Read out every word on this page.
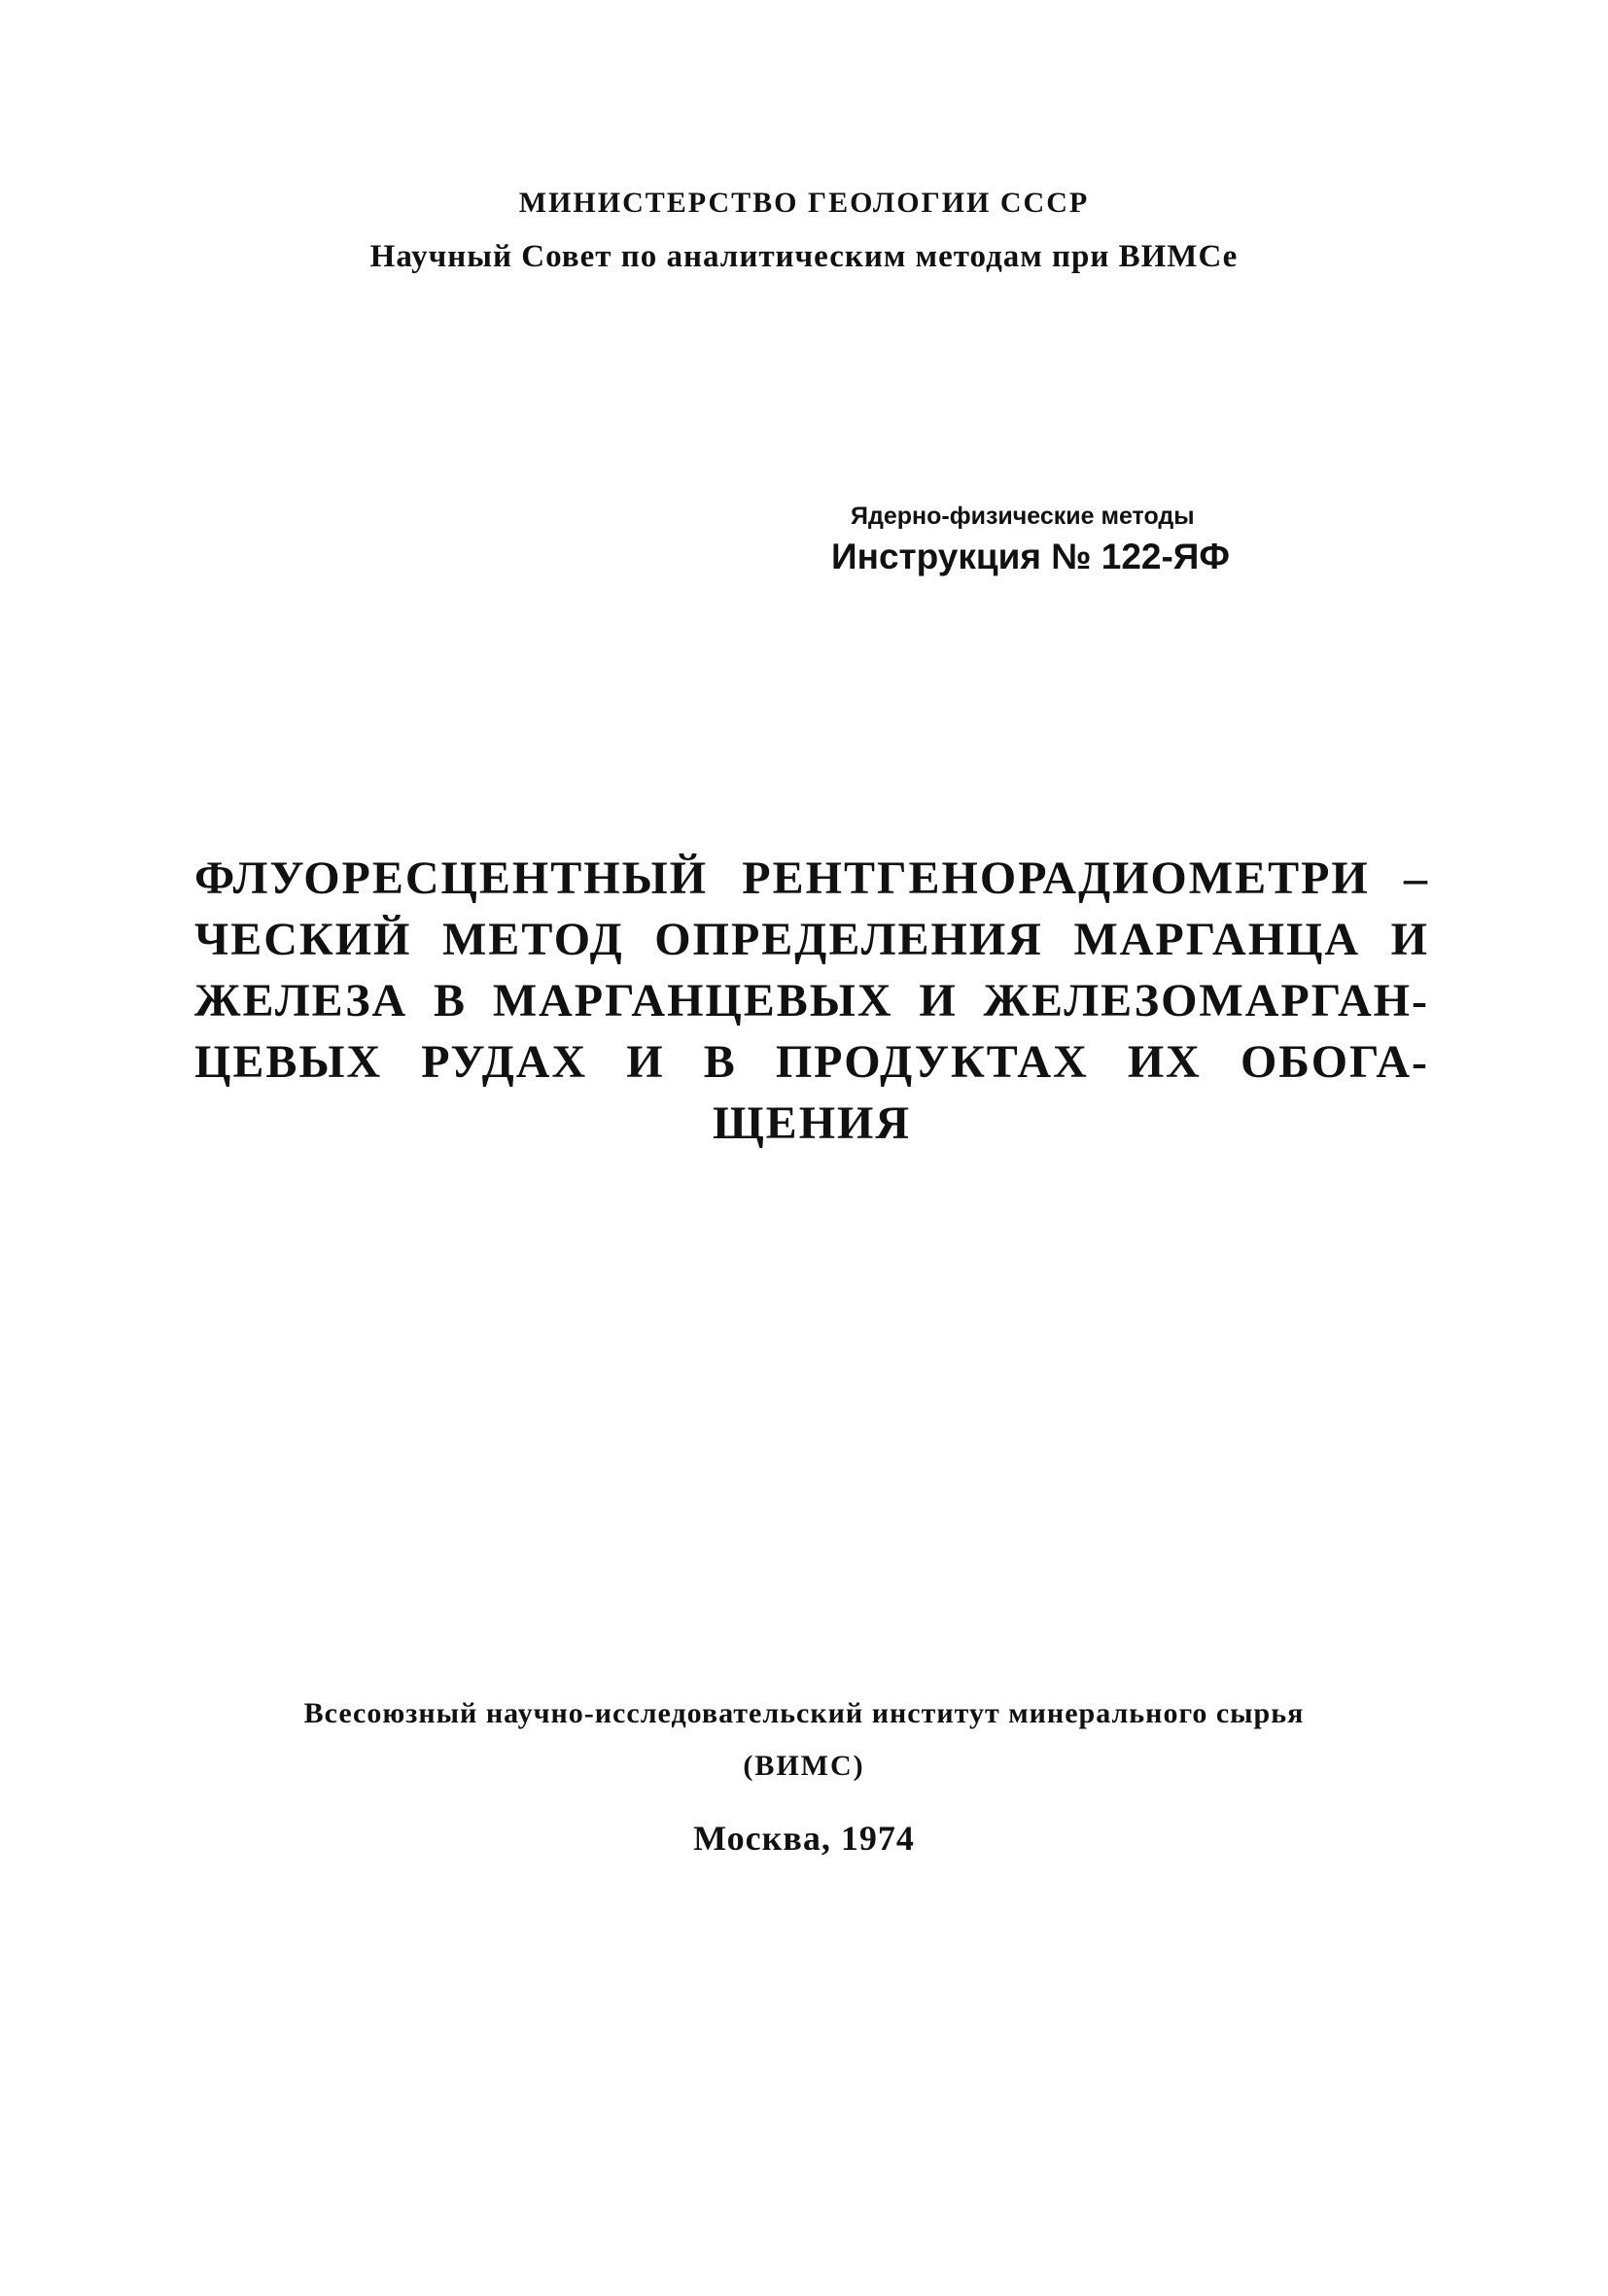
МИНИСТЕРСТВО ГЕОЛОГИИ СССР
Научный Совет по аналитическим методам при ВИМСе
Ядерно-физические методы
Инструкция № 122-ЯФ
ФЛУОРЕСЦЕНТНЫЙ РЕНТГЕНОРАДИОМЕТРИ –
ЧЕСКИЙ МЕТОД ОПРЕДЕЛЕНИЯ МАРГАНЦА И
ЖЕЛЕЗА В МАРГАНЦЕВЫХ И ЖЕЛЕЗОМАРГАН-
ЦЕВЫХ РУДАХ И В ПРОДУКТАХ ИХ ОБОГА-
ЩЕНИЯ
Всесоюзный научно-исследовательский институт минерального сырья
(ВИМС)
Москва, 1974
